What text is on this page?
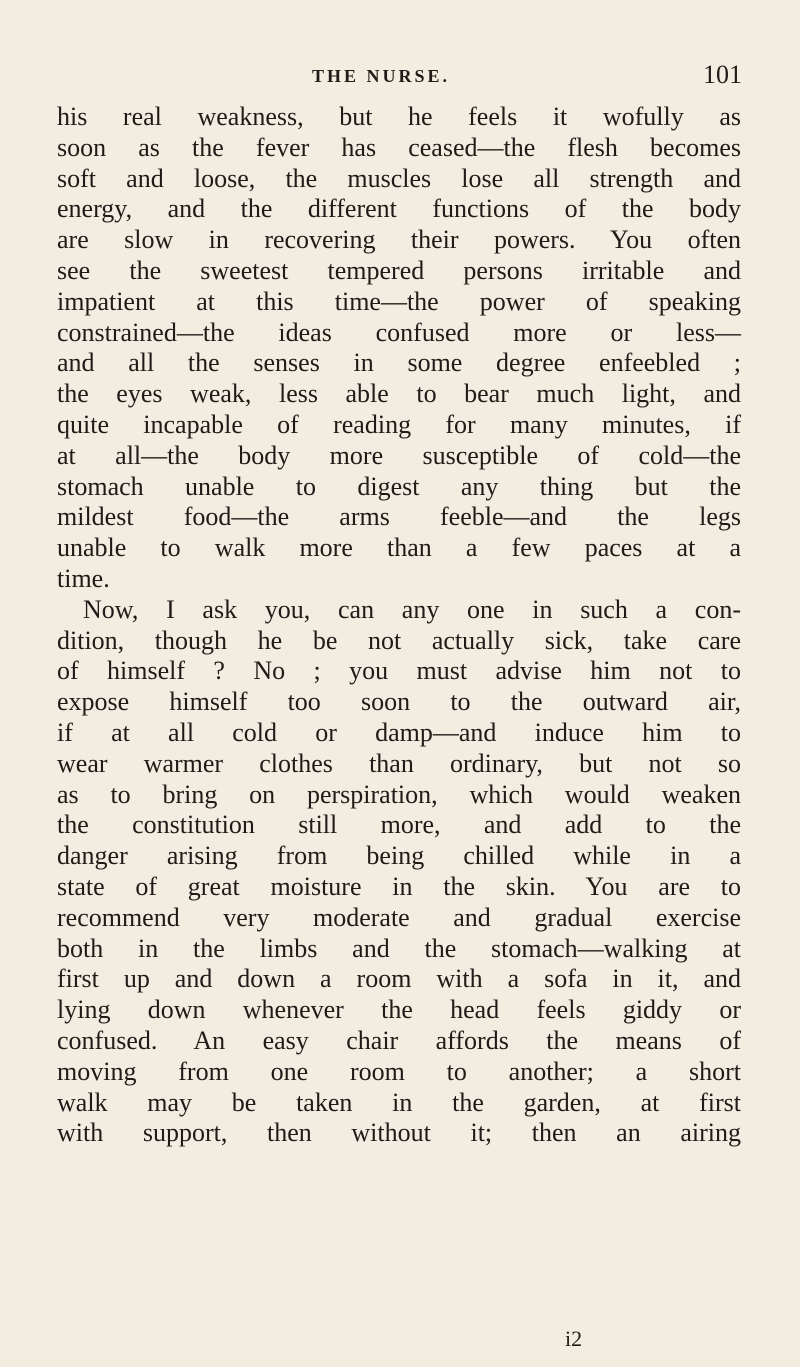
THE NURSE.	101
his real weakness, but he feels it wofully as
soon as the fever has ceased—the flesh becomes
soft and loose, the muscles lose all strength and
energy, and the different functions of the body
are slow in recovering their powers. You often
see the sweetest tempered persons irritable and
impatient at this time—the power of speaking
constrained—the ideas confused more or less—
and all the senses in some degree enfeebled ;
the eyes weak, less able to bear much light, and
quite incapable of reading for many minutes, if
at all—the body more susceptible of cold—the
stomach unable to digest any thing but the
mildest food—the arms feeble—and the legs
unable to walk more than a few paces at a
time.
Now, I ask you, can any one in such a con-
dition, though he be not actually sick, take care
of himself ? No ; you must advise him not to
expose himself too soon to the outward air,
if at all cold or damp—and induce him to
wear warmer clothes than ordinary, but not so
as to bring on perspiration, which would weaken
the constitution still more, and add to the
danger arising from being chilled while in a
state of great moisture in the skin. You are to
recommend very moderate and gradual exercise
both in the limbs and the stomach—walking at
first up and down a room with a sofa in it, and
lying down whenever the head feels giddy or
confused. An easy chair affords the means of
moving from one room to another; a short
walk may be taken in the garden, at first
with support, then without it; then an airing
i2
